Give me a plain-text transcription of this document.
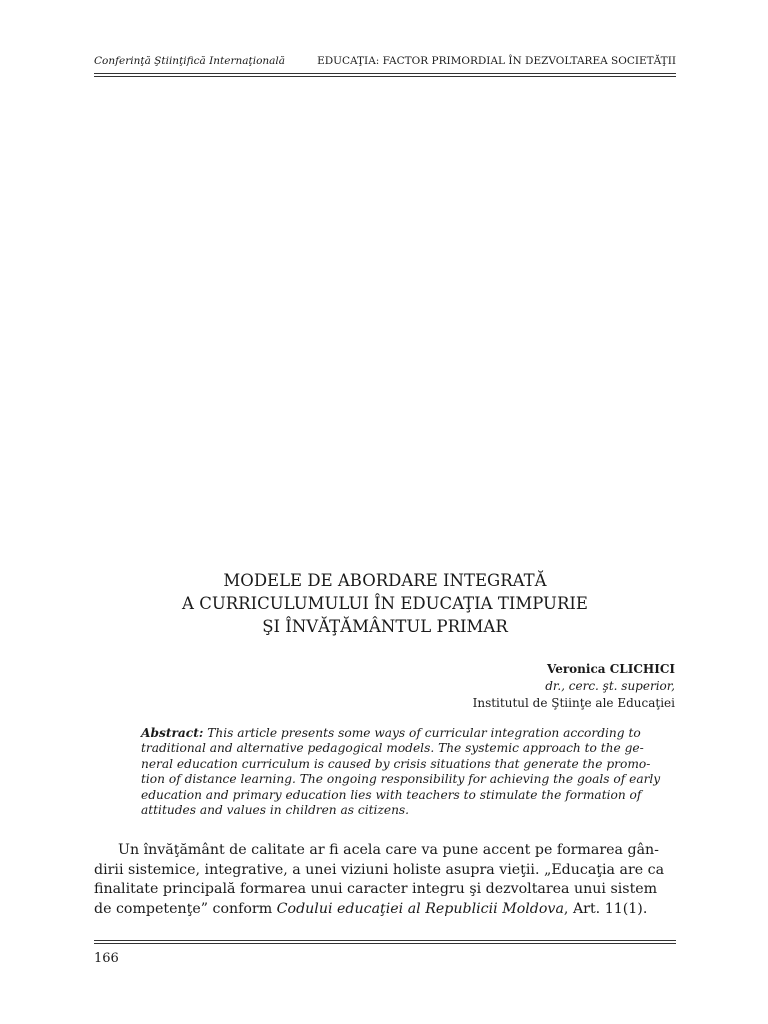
Conferinţă Ştiinţifică Internaţională	EDUCAŢIA: FACTOR PRIMORDIAL ÎN DEZVOLTAREA SOCIETĂŢII
MODELE DE ABORDARE INTEGRATĂ
A CURRICULUMULUI ÎN EDUCAŢIA TIMPURIE
ŞI ÎNVĂŢĂMÂNTUL PRIMAR
Veronica CLICHICI
dr., cerc. şt. superior,
Institutul de Ştiinţe ale Educaţiei
Abstract: This article presents some ways of curricular integration according to
traditional and alternative pedagogical models. The systemic approach to the ge-
neral education curriculum is caused by crisis situations that generate the promo-
tion of distance learning. The ongoing responsibility for achieving the goals of early
education and primary education lies with teachers to stimulate the formation of
attitudes and values in children as citizens.
Un învăţământ de calitate ar fi acela care va pune accent pe formarea gân-
dirii sistemice, integrative, a unei viziuni holiste asupra vieţii. „Educaţia are ca
finalitate principală formarea unui caracter integru şi dezvoltarea unui sistem
de competenţe” conform Codului educaţiei al Republicii Moldova, Art. 11(1).
166
